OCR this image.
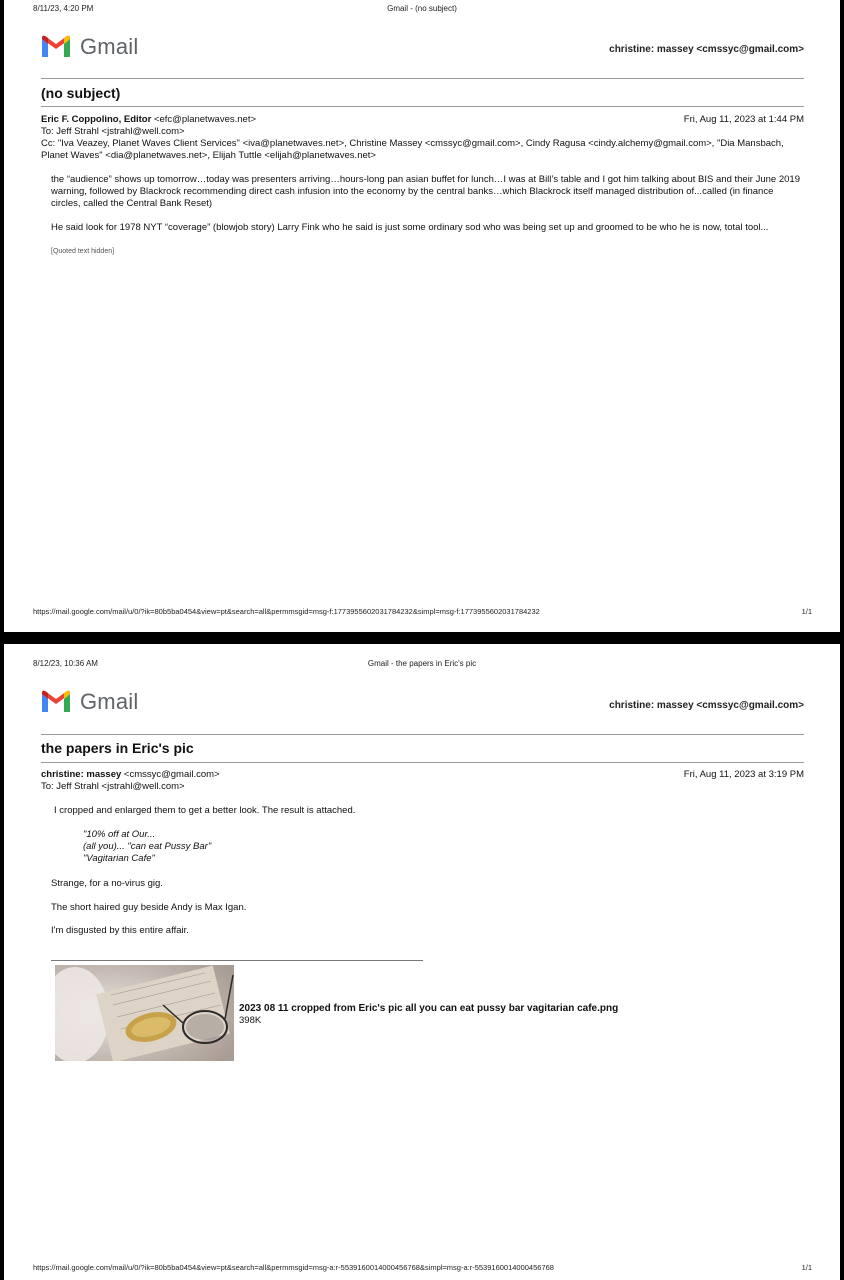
8/11/23, 4:20 PM	Gmail - (no subject)
Gmail	christine: massey <cmssyc@gmail.com>
(no subject)
Eric F. Coppolino, Editor <efc@planetwaves.net>
To: Jeff Strahl <jstrahl@well.com>
Cc: "Iva Veazey, Planet Waves Client Services" <iva@planetwaves.net>, Christine Massey <cmssyc@gmail.com>, Cindy Ragusa <cindy.alchemy@gmail.com>, "Dia Mansbach, Planet Waves" <dia@planetwaves.net>, Elijah Tuttle <elijah@planetwaves.net>
Fri, Aug 11, 2023 at 1:44 PM
the “audience” shows up tomorrow…today was presenters arriving…hours-long pan asian buffet for lunch…I was at Bill’s table and I got him talking about BIS and their June 2019 warning, followed by Blackrock recommending direct cash infusion into the economy by the central banks…which Blackrock itself managed distribution of...called (in finance circles, called the Central Bank Reset)
He said look for 1978 NYT “coverage” (blowjob story) Larry Fink who he said is just some ordinary sod who was being set up and groomed to be who he is now, total tool...
[Quoted text hidden]
https://mail.google.com/mail/u/0/?ik=80b5ba0454&view=pt&search=all&permmsgid=msg-f:1773955602031784232&simpl=msg-f:1773955602031784232	1/1
8/12/23, 10:36 AM	Gmail - the papers in Eric's pic
Gmail	christine: massey <cmssyc@gmail.com>
the papers in Eric's pic
christine: massey <cmssyc@gmail.com>
To: Jeff Strahl <jstrahl@well.com>
Fri, Aug 11, 2023 at 3:19 PM
I cropped and enlarged them to get a better look. The result is attached.
"10% off at Our...
(all you)... "can eat Pussy Bar"
"Vagitarian Cafe"
Strange, for a no-virus gig.
The short haired guy beside Andy is Max Igan.
I'm disgusted by this entire affair.
2023 08 11 cropped from Eric's pic all you can eat pussy bar vagitarian cafe.png
398K
https://mail.google.com/mail/u/0/?ik=80b5ba0454&view=pt&search=all&permmsgid=msg-a:r-5539160014000456768&simpl=msg-a:r-5539160014000456768	1/1
